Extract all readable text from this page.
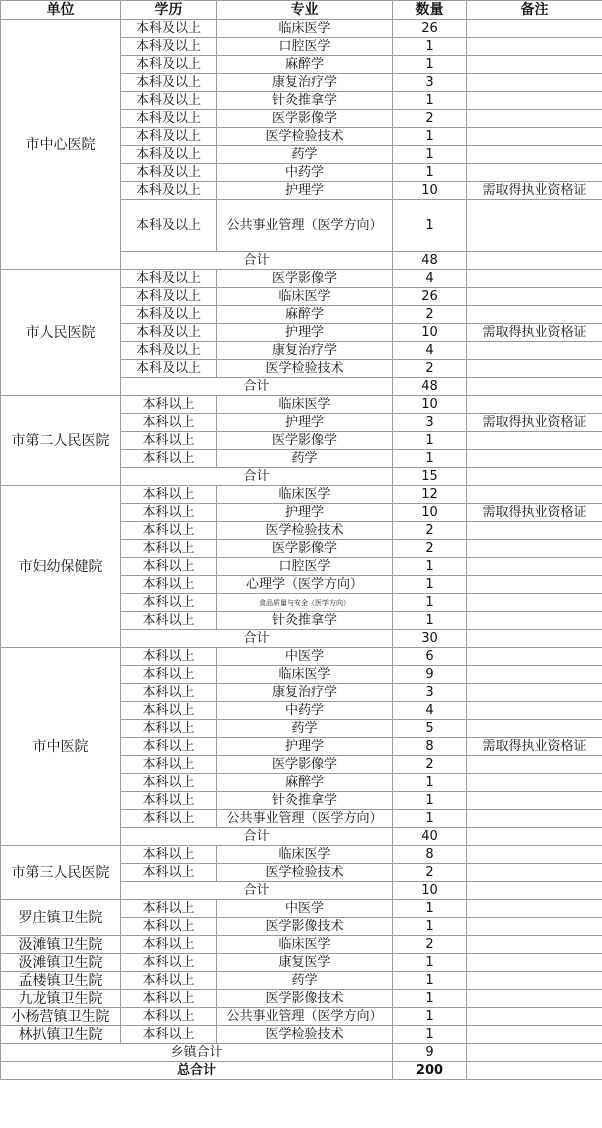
单位	学历	专业	数量	备注
市中心医院	本科及以上	临床医学	26	
	本科及以上	口腔医学	1	
	本科及以上	麻醉学	1	
	本科及以上	康复治疗学	3	
	本科及以上	针灸推拿学	1	
	本科及以上	医学影像学	2	
	本科及以上	医学检验技术	1	
	本科及以上	药学	1	
	本科及以上	中药学	1	
	本科及以上	护理学	10	需取得执业资格证
	本科及以上	公共事业管理（医学方向）	1	
	合计		48	
市人民医院	本科及以上	医学影像学	4	
	本科及以上	临床医学	26	
	本科及以上	麻醉学	2	
	本科及以上	护理学	10	需取得执业资格证
	本科及以上	康复治疗学	4	
	本科及以上	医学检验技术	2	
	合计		48	
市第二人民医院	本科以上	临床医学	10	
	本科以上	护理学	3	需取得执业资格证
	本科以上	医学影像学	1	
	本科以上	药学	1	
	合计		15	
市妇幼保健院	本科以上	临床医学	12	
	本科以上	护理学	10	需取得执业资格证
	本科以上	医学检验技术	2	
	本科以上	医学影像学	2	
	本科以上	口腔医学	1	
	本科以上	心理学（医学方向）	1	
	本科以上	食品质量与安全（医学方向）	1	
	本科以上	针灸推拿学	1	
	合计		30	
市中医院	本科以上	中医学	6	
	本科以上	临床医学	9	
	本科以上	康复治疗学	3	
	本科以上	中药学	4	
	本科以上	药学	5	
	本科以上	护理学	8	需取得执业资格证
	本科以上	医学影像学	2	
	本科以上	麻醉学	1	
	本科以上	针灸推拿学	1	
	本科以上	公共事业管理（医学方向）	1	
	合计		40	
市第三人民医院	本科以上	临床医学	8	
	本科以上	医学检验技术	2	
	合计		10	
罗庄镇卫生院	本科以上	中医学	1	
	本科以上	医学影像技术	1	
汲滩镇卫生院	本科以上	临床医学	2	
汲滩镇卫生院	本科以上	康复医学	1	
孟楼镇卫生院	本科以上	药学	1	
九龙镇卫生院	本科以上	医学影像技术	1	
小杨营镇卫生院	本科以上	公共事业管理（医学方向）	1	
林扒镇卫生院	本科以上	医学检验技术	1	
乡镇合计			9	
总合计			200	
